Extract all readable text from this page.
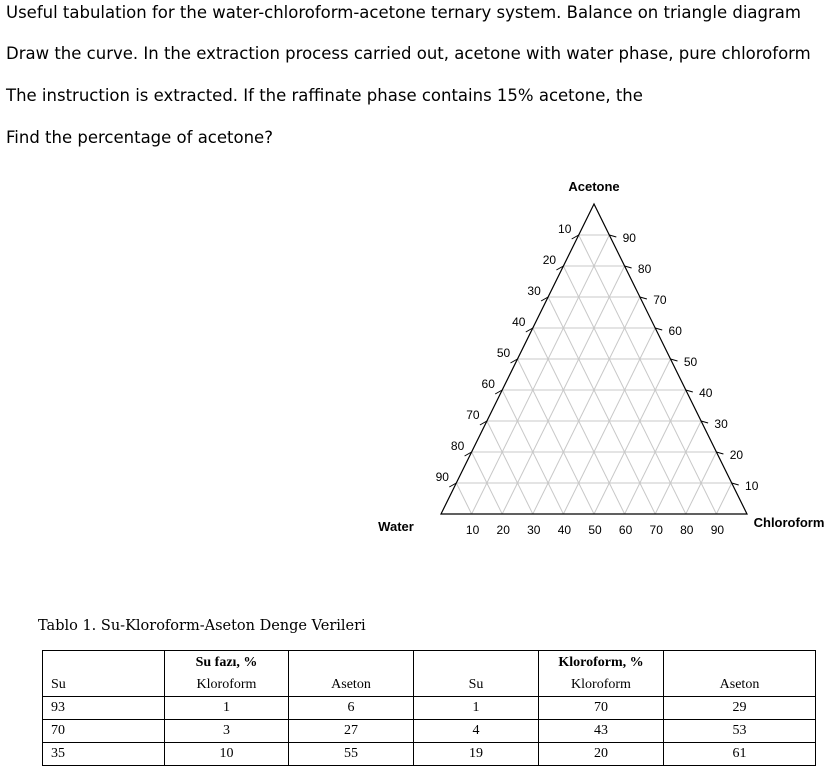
Useful tabulation for the water-chloroform-acetone ternary system. Balance on triangle diagram
Draw the curve. In the extraction process carried out, acetone with water phase, pure chloroform
The instruction is extracted. If the raffinate phase contains 15% acetone, the
Find the percentage of acetone?
Acetone
Water	Chloroform
10
20
30
40
50
60
70
80
90
90
80
70
60
50
40
30
20
10
10 20 30 40 50 60 70 80 90
Tablo 1. Su-Kloroform-Aseton Denge Verileri
	Su fazı, %			Kloroform, %	
Su	Kloroform	Aseton	Su	Kloroform	Aseton
93	1	6	1	70	29
70	3	27	4	43	53
35	10	55	19	20	61
